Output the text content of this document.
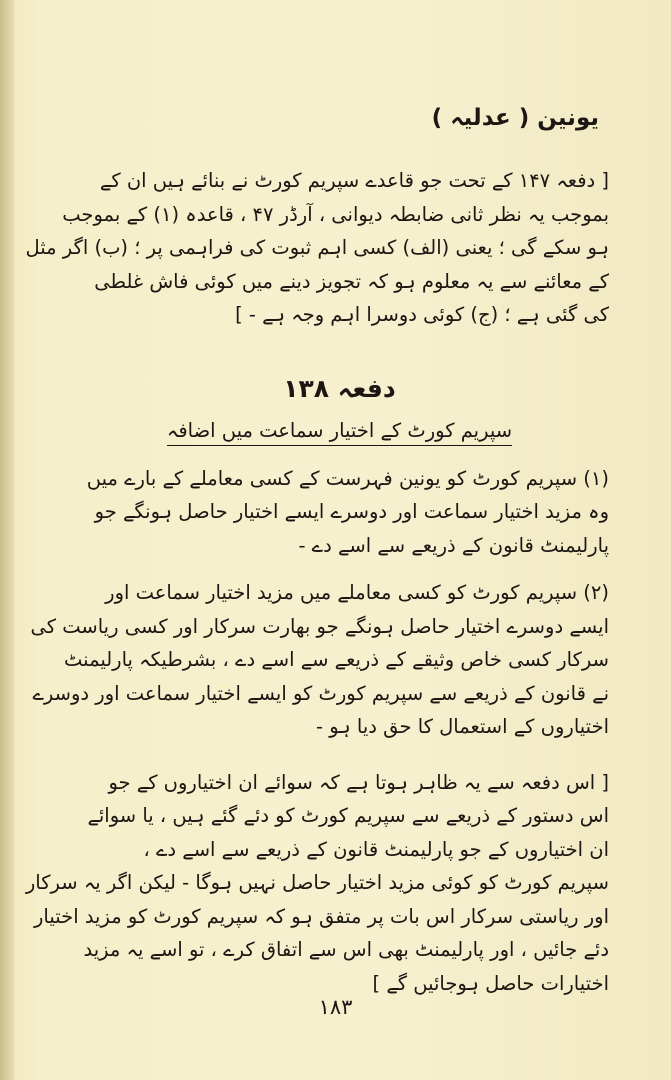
یونین ( عدلیہ )
[ دفعہ ۱۴۷ کے تحت جو قاعدے سپریم کورٹ نے بنائے ہیں ان کے
بموجب یہ نظر ثانی ضابطہ دیوانی ، آرڈر ۴۷ ، قاعدہ (۱) کے بموجب
ہو سکے گی ؛ یعنی (الف) کسی اہم ثبوت کی فراہمی پر ؛ (ب) اگر مثل
کے معائنے سے یہ معلوم ہو کہ تجویز دینے میں کوئی فاش غلطی
کی گئی ہے ؛ (ج) کوئی دوسرا اہم وجہ ہے - ]
دفعہ ۱۳۸
سپریم کورٹ کے اختیار سماعت میں اضافہ
(۱) سپریم کورٹ کو یونین فہرست کے کسی معاملے کے بارے میں
وہ مزید اختیار سماعت اور دوسرے ایسے اختیار حاصل ہونگے جو
پارلیمنٹ قانون کے ذریعے سے اسے دے -
(۲) سپریم کورٹ کو کسی معاملے میں مزید اختیار سماعت اور
ایسے دوسرے اختیار حاصل ہونگے جو بھارت سرکار اور کسی ریاست کی
سرکار کسی خاص وثیقے کے ذریعے سے اسے دے ، بشرطیکہ پارلیمنٹ
نے قانون کے ذریعے سے سپریم کورٹ کو ایسے اختیار سماعت اور دوسرے
اختیاروں کے استعمال کا حق دیا ہو -
[ اس دفعہ سے یہ ظاہر ہوتا ہے کہ سوائے ان اختیاروں کے جو
اس دستور کے ذریعے سے سپریم کورٹ کو دئے گئے ہیں ، یا سوائے
ان اختیاروں کے جو پارلیمنٹ قانون کے ذریعے سے اسے دے ،
سپریم کورٹ کو کوئی مزید اختیار حاصل نہیں ہوگا - لیکن اگر یہ سرکار
اور ریاستی سرکار اس بات پر متفق ہو کہ سپریم کورٹ کو مزید اختیار
دئے جائیں ، اور پارلیمنٹ بھی اس سے اتفاق کرے ، تو اسے یہ مزید
اختیارات حاصل ہوجائیں گے ]
۱۸۳
